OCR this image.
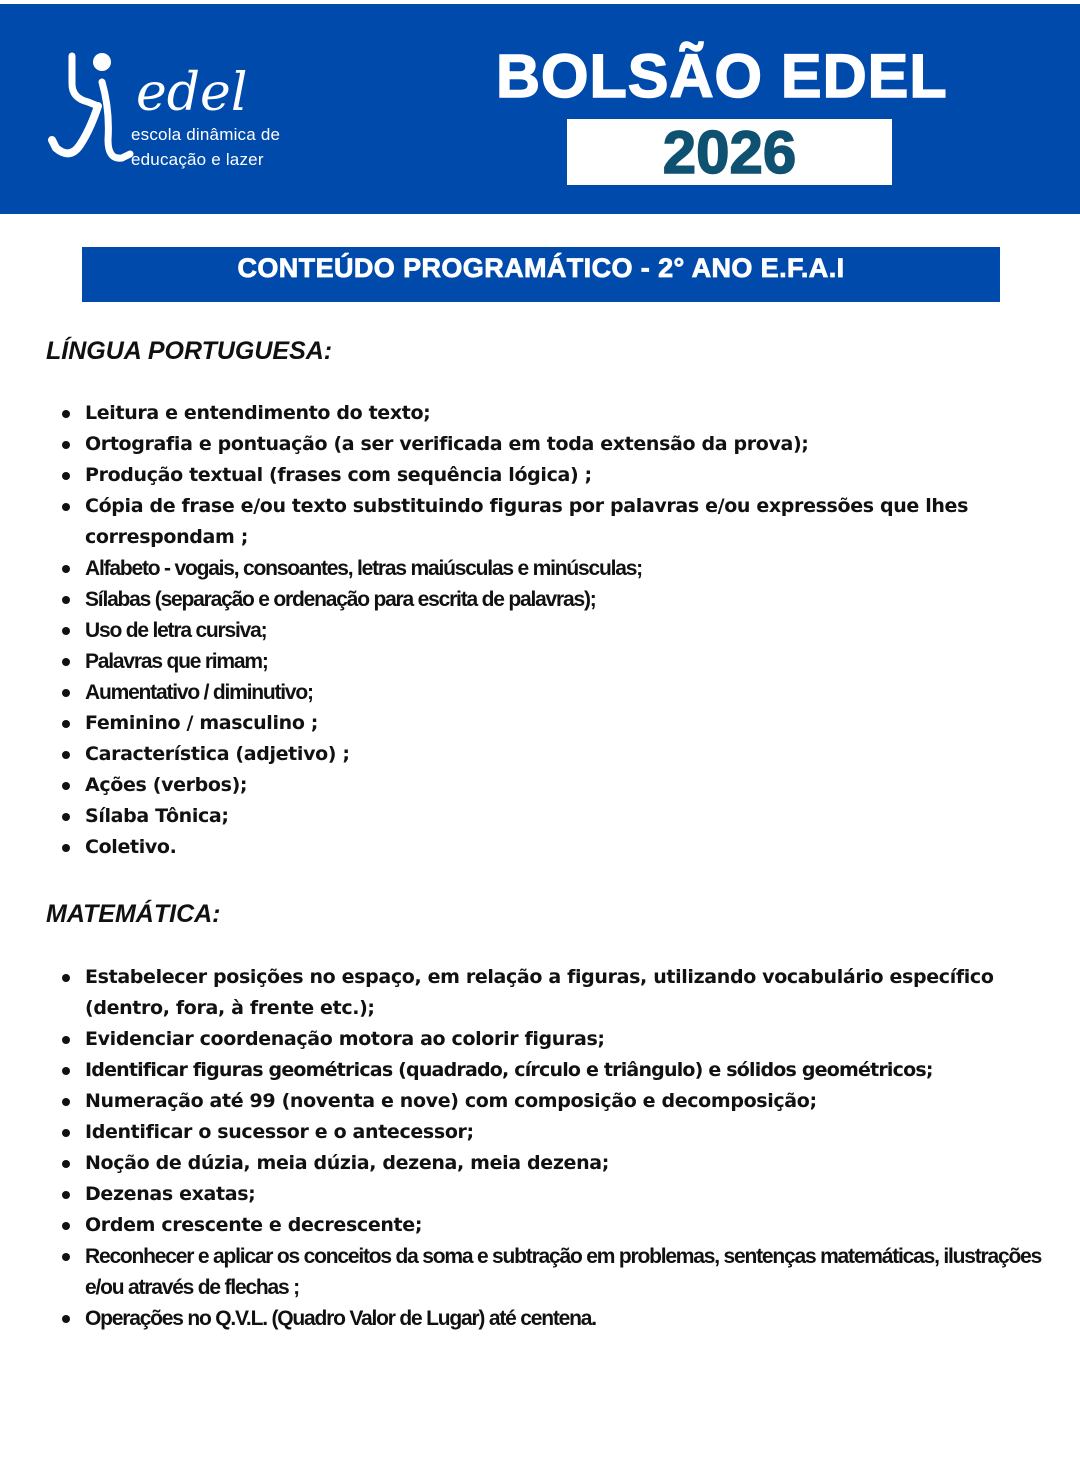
edel
escola dinâmica de
educação e lazer
BOLSÃO EDEL
2026
CONTEÚDO PROGRAMÁTICO - 2° ANO E.F.A.I
LÍNGUA PORTUGUESA:
Leitura e entendimento do texto;
Ortografia e pontuação (a ser verificada em toda extensão da prova);
Produção textual (frases com sequência lógica) ;
Cópia de frase e/ou texto substituindo figuras por palavras e/ou expressões que lhes correspondam ;
Alfabeto - vogais, consoantes, letras maiúsculas e minúsculas;
Sílabas (separação e ordenação para escrita de palavras);
Uso de letra cursiva;
Palavras que rimam;
Aumentativo / diminutivo;
Feminino / masculino ;
Característica (adjetivo) ;
Ações (verbos);
Sílaba Tônica;
Coletivo.
MATEMÁTICA:
Estabelecer posições no espaço, em relação a figuras, utilizando vocabulário específico (dentro, fora, à frente etc.);
Evidenciar coordenação motora ao colorir figuras;
Identificar figuras geométricas (quadrado, círculo e triângulo) e sólidos geométricos;
Numeração até 99 (noventa e nove) com composição e decomposição;
Identificar o sucessor e o antecessor;
Noção de dúzia, meia dúzia, dezena, meia dezena;
Dezenas exatas;
Ordem crescente e decrescente;
Reconhecer e aplicar os conceitos da soma e subtração em problemas, sentenças matemáticas, ilustrações e/ou através de flechas ;
Operações no Q.V.L. (Quadro Valor de Lugar) até centena.
